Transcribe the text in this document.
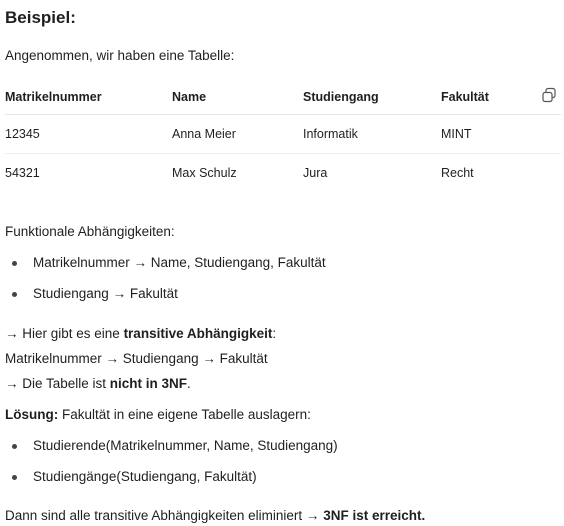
Beispiel:

Angenommen, wir haben eine Tabelle:

Matrikelnummer	Name	Studiengang	Fakultät	

12345	Anna Meier	Informatik	MINT	
54321	Max Schulz	Jura	Recht	

Funktionale Abhängigkeiten:

Matrikelnummer → Name, Studiengang, Fakultät
Studiengang → Fakultät

→ Hier gibt es eine transitive Abhängigkeit:

Matrikelnummer → Studiengang → Fakultät

→ Die Tabelle ist nicht in 3NF.

Lösung: Fakultät in eine eigene Tabelle auslagern:

Studierende(Matrikelnummer, Name, Studiengang)
Studiengänge(Studiengang, Fakultät)

Dann sind alle transitive Abhängigkeiten eliminiert → 3NF ist erreicht.
